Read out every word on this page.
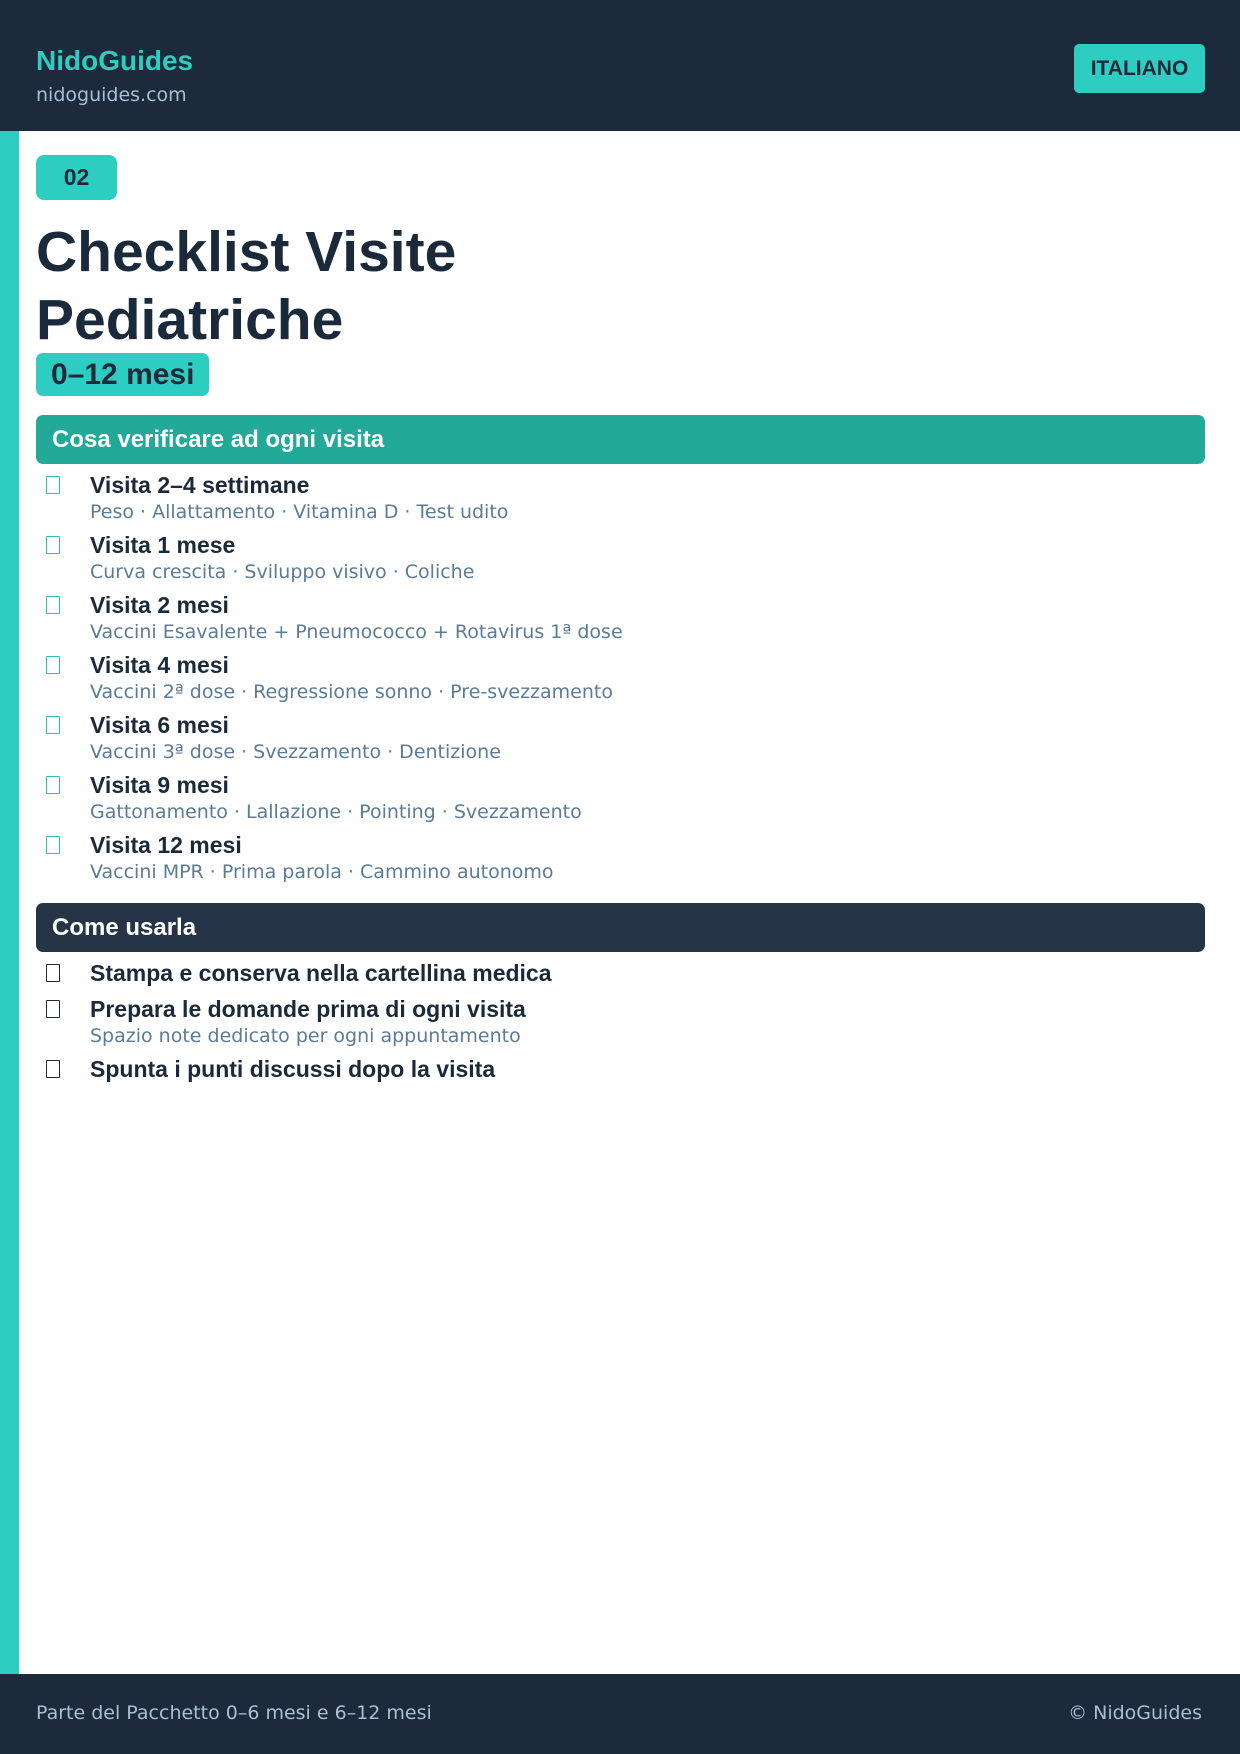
NidoGuides
nidoguides.com
ITALIANO
02
Checklist Visite Pediatriche
0–12 mesi
Cosa verificare ad ogni visita
Visita 2–4 settimane
Peso · Allattamento · Vitamina D · Test udito
Visita 1 mese
Curva crescita · Sviluppo visivo · Coliche
Visita 2 mesi
Vaccini Esavalente + Pneumococco + Rotavirus 1ª dose
Visita 4 mesi
Vaccini 2ª dose · Regressione sonno · Pre-svezzamento
Visita 6 mesi
Vaccini 3ª dose · Svezzamento · Dentizione
Visita 9 mesi
Gattonamento · Lallazione · Pointing · Svezzamento
Visita 12 mesi
Vaccini MPR · Prima parola · Cammino autonomo
Come usarla
Stampa e conserva nella cartellina medica
Prepara le domande prima di ogni visita
Spazio note dedicato per ogni appuntamento
Spunta i punti discussi dopo la visita
Parte del Pacchetto 0–6 mesi e 6–12 mesi	© NidoGuides
